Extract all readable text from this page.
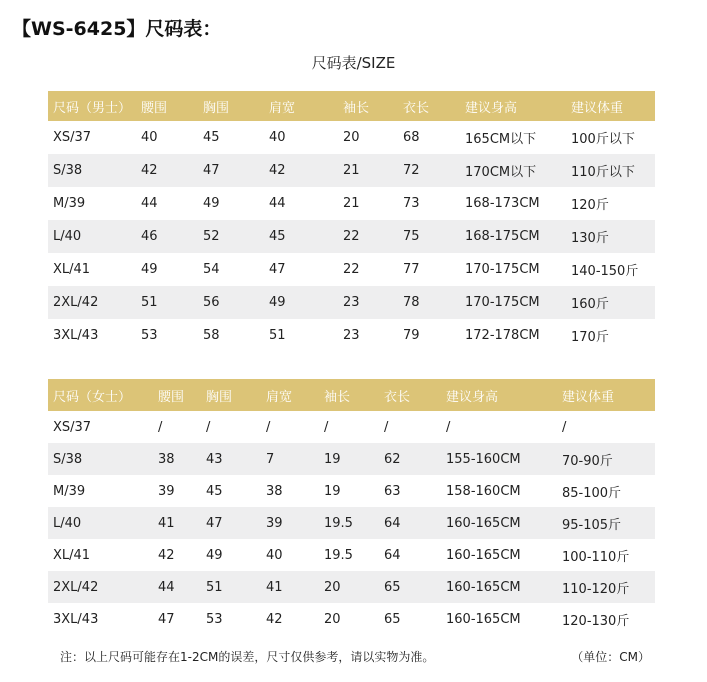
【WS-6425】尺码表：
尺码表/SIZE
尺码（男士）	腰围	胸围	肩宽	袖长	衣长	建议身高	建议体重
XS/37	40	45	40	20	68	165CM以下	100斤以下
S/38	42	47	42	21	72	170CM以下	110斤以下
M/39	44	49	44	21	73	168-173CM	120斤
L/40	46	52	45	22	75	168-175CM	130斤
XL/41	49	54	47	22	77	170-175CM	140-150斤
2XL/42	51	56	49	23	78	170-175CM	160斤
3XL/43	53	58	51	23	79	172-178CM	170斤
尺码（女士）	腰围	胸围	肩宽	袖长	衣长	建议身高	建议体重
XS/37	/	/	/	/	/	/	/
S/38	38	43	7	19	62	155-160CM	70-90斤
M/39	39	45	38	19	63	158-160CM	85-100斤
L/40	41	47	39	19.5	64	160-165CM	95-105斤
XL/41	42	49	40	19.5	64	160-165CM	100-110斤
2XL/42	44	51	41	20	65	160-165CM	110-120斤
3XL/43	47	53	42	20	65	160-165CM	120-130斤
注：以上尺码可能存在1-2CM的误差，尺寸仅供参考，请以实物为准。	（单位：CM）
